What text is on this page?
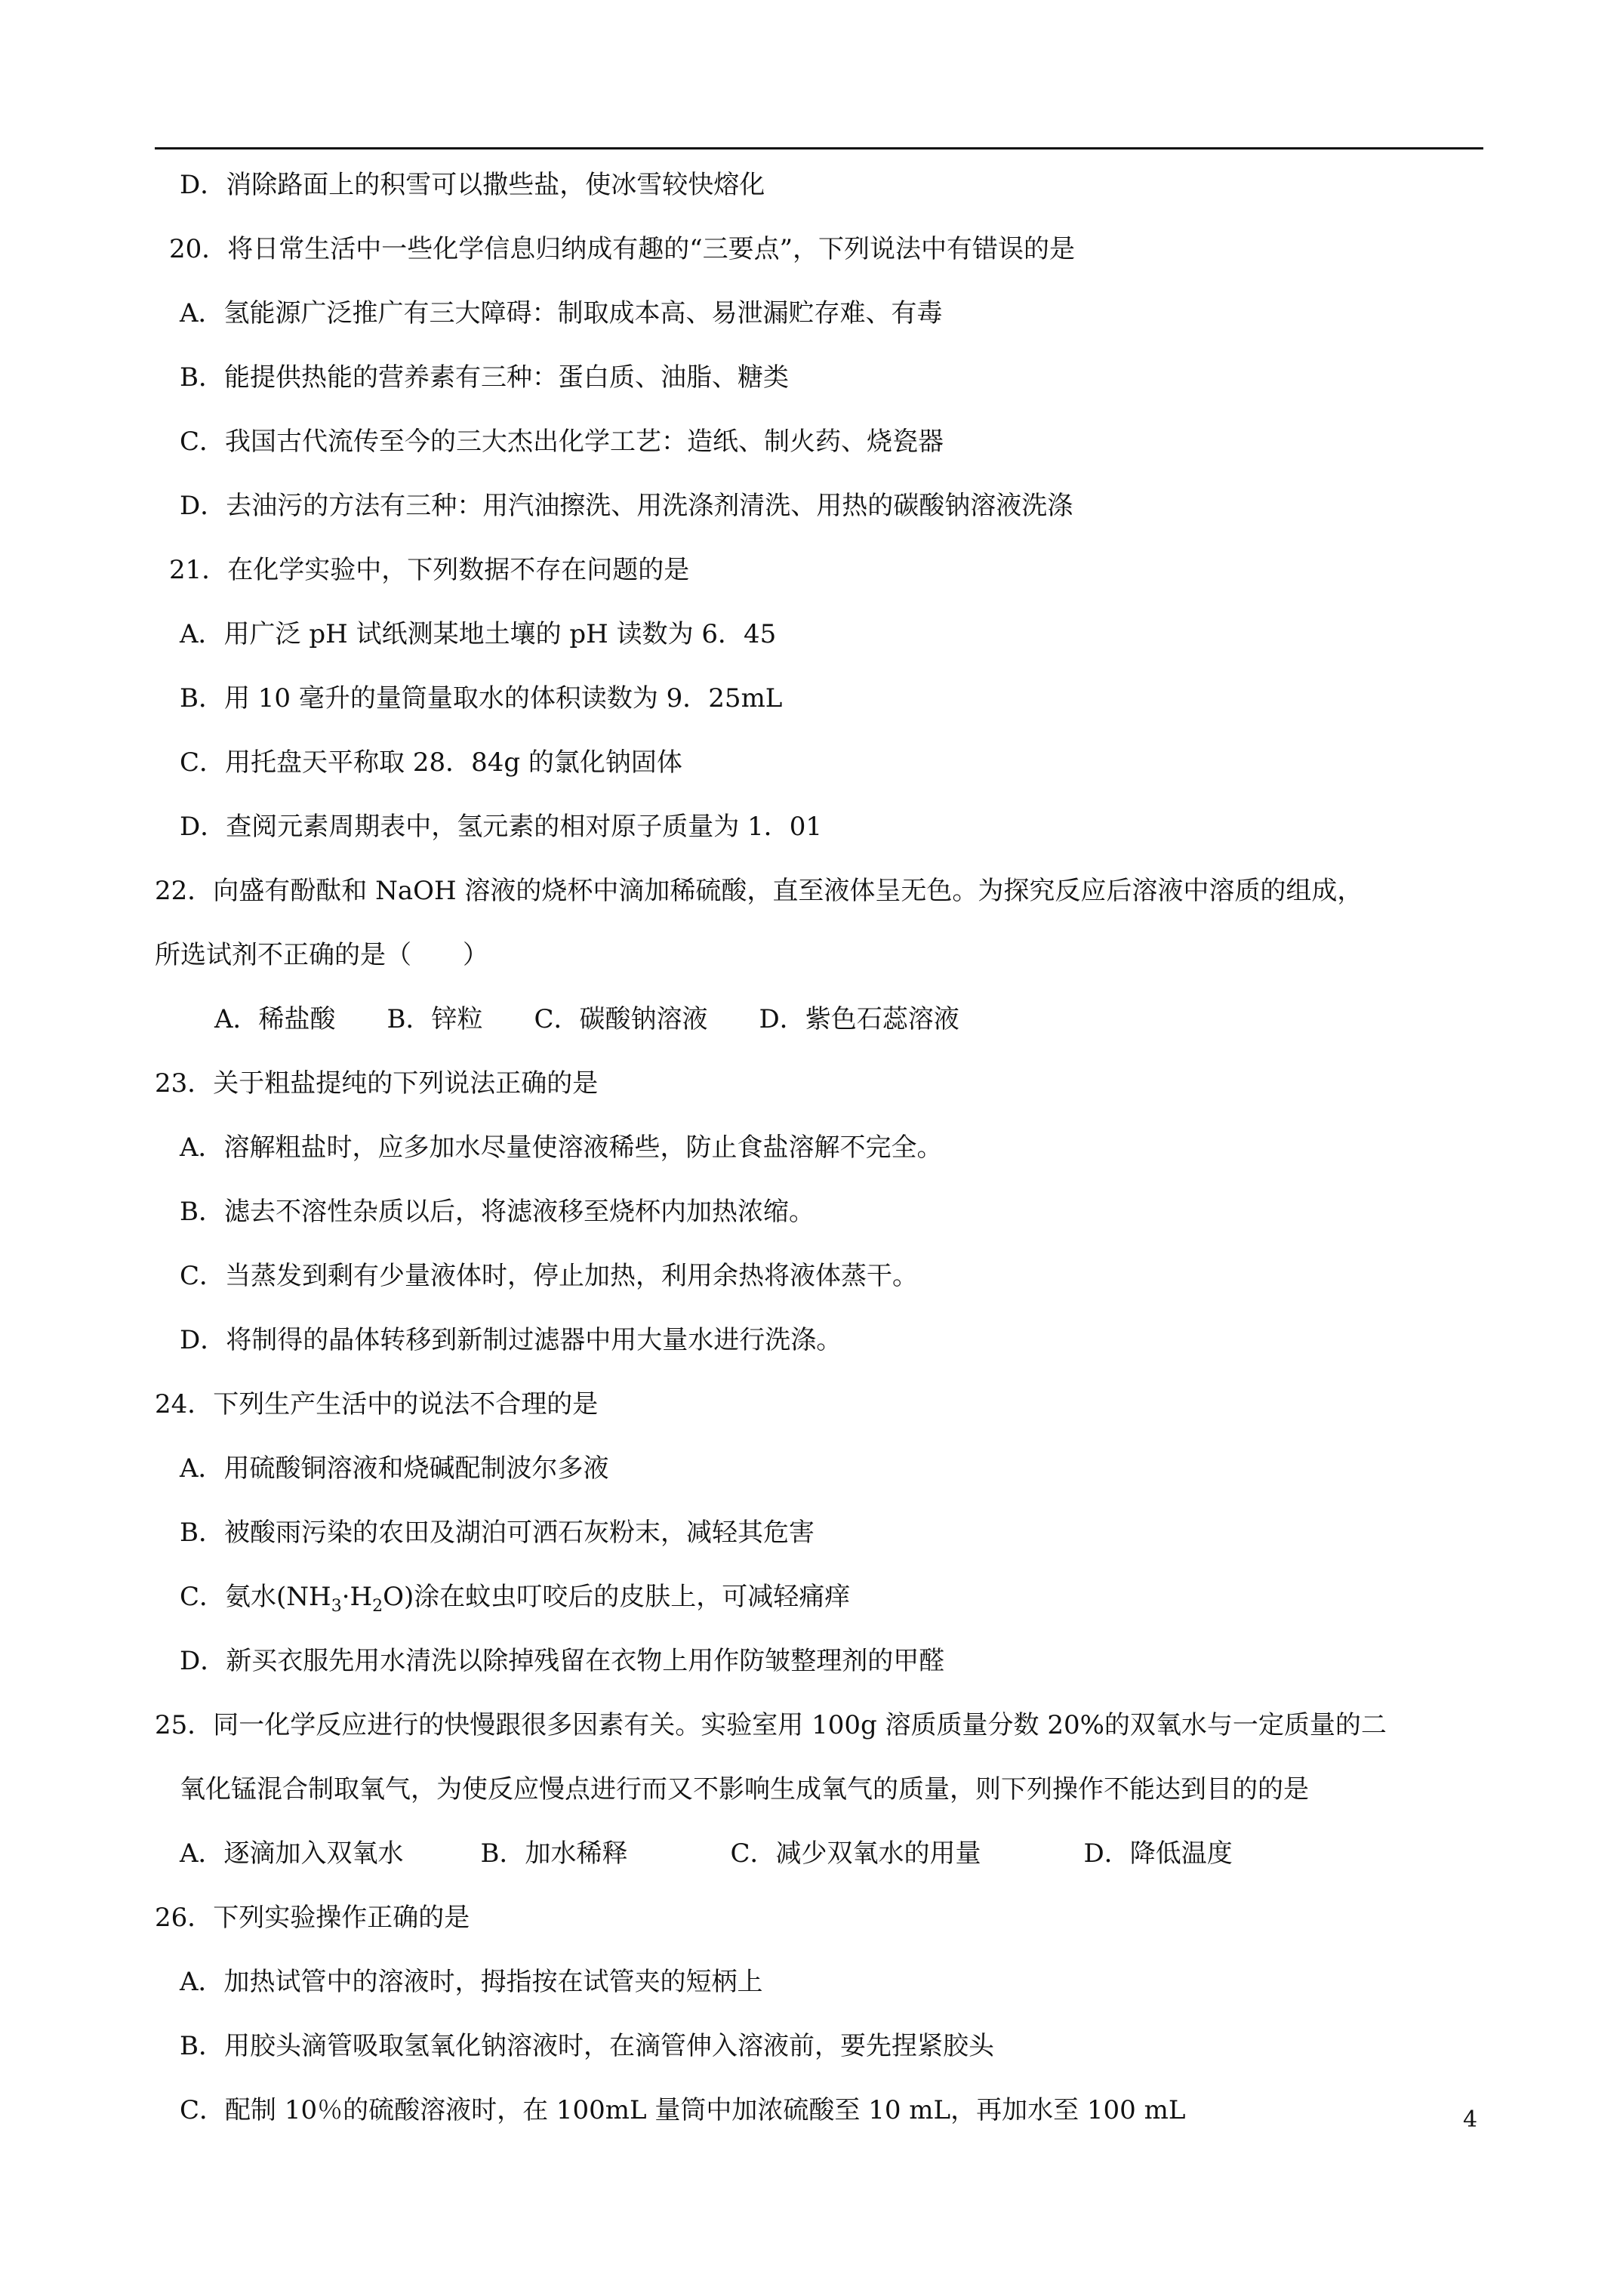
D．消除路面上的积雪可以撒些盐，使冰雪较快熔化
20．将日常生活中一些化学信息归纳成有趣的“三要点”，下列说法中有错误的是
A．氢能源广泛推广有三大障碍：制取成本高、易泄漏贮存难、有毒
B．能提供热能的营养素有三种：蛋白质、油脂、糖类
C．我国古代流传至今的三大杰出化学工艺：造纸、制火药、烧瓷器
D．去油污的方法有三种：用汽油擦洗、用洗涤剂清洗、用热的碳酸钠溶液洗涤
21．在化学实验中，下列数据不存在问题的是
A．用广泛 pH 试纸测某地土壤的 pH 读数为 6．45
B．用 10 毫升的量筒量取水的体积读数为 9．25mL
C．用托盘天平称取 28．84g 的氯化钠固体
D．查阅元素周期表中，氢元素的相对原子质量为 1．01
22．向盛有酚酞和 NaOH 溶液的烧杯中滴加稀硫酸，直至液体呈无色。为探究反应后溶液中溶质的组成，
所选试剂不正确的是（　　）
A．稀盐酸　　B．锌粒　　C．碳酸钠溶液　　D．紫色石蕊溶液
23．关于粗盐提纯的下列说法正确的是
A．溶解粗盐时，应多加水尽量使溶液稀些，防止食盐溶解不完全。
B．滤去不溶性杂质以后，将滤液移至烧杯内加热浓缩。
C．当蒸发到剩有少量液体时，停止加热，利用余热将液体蒸干。
D．将制得的晶体转移到新制过滤器中用大量水进行洗涤。
24．下列生产生活中的说法不合理的是
A．用硫酸铜溶液和烧碱配制波尔多液
B．被酸雨污染的农田及湖泊可洒石灰粉末，减轻其危害
C．氨水$(NH_3\cdot H_2O)$涂在蚊虫叮咬后的皮肤上，可减轻痛痒
D．新买衣服先用水清洗以除掉残留在衣物上用作防皱整理剂的甲醛
25．同一化学反应进行的快慢跟很多因素有关。实验室用 100g 溶质质量分数 20%的双氧水与一定质量的二
氧化锰混合制取氧气，为使反应慢点进行而又不影响生成氧气的质量，则下列操作不能达到目的的是
A．逐滴加入双氧水　　　B．加水稀释　　　　C．减少双氧水的用量　　　　D．降低温度
26．下列实验操作正确的是
A．加热试管中的溶液时，拇指按在试管夹的短柄上
B．用胶头滴管吸取氢氧化钠溶液时，在滴管伸入溶液前，要先捏紧胶头
C．配制 10％的硫酸溶液时，在 100mL 量筒中加浓硫酸至 10 mL，再加水至 100 mL	4
